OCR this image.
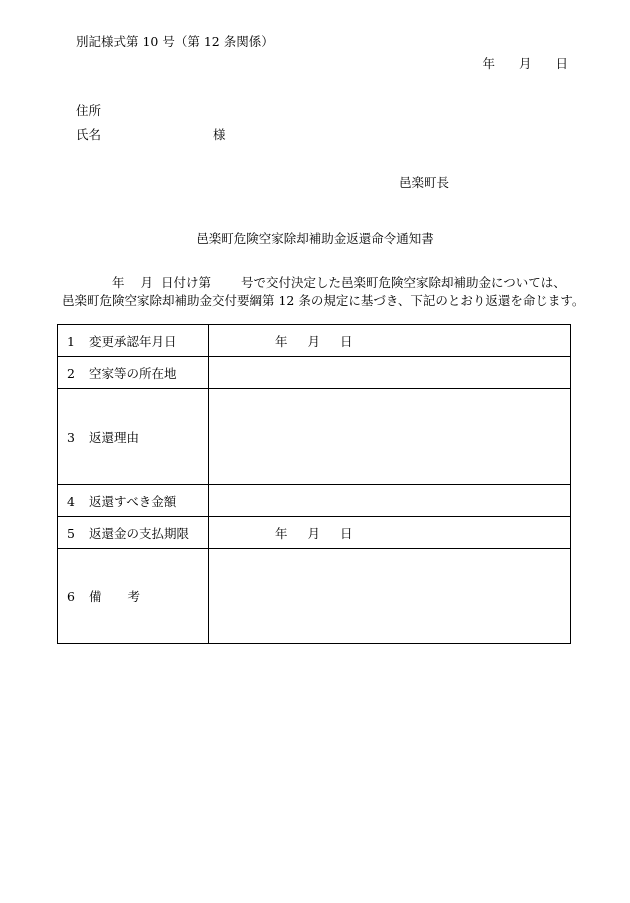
別記様式第 10 号（第 12 条関係）
年 月 日
住所
氏名	様
邑楽町長
邑楽町危険空家除却補助金返還命令通知書
年 月 日付け第 号で交付決定した邑楽町危険空家除却補助金については、
邑楽町危険空家除却補助金交付要綱第 12 条の規定に基づき、下記のとおり返還を命じます。
1 変更承認年月日	年 月 日
2 空家等の所在地	
3 返還理由	
4 返還すべき金額	
5 返還金の支払期限	年 月 日
6 備考	
